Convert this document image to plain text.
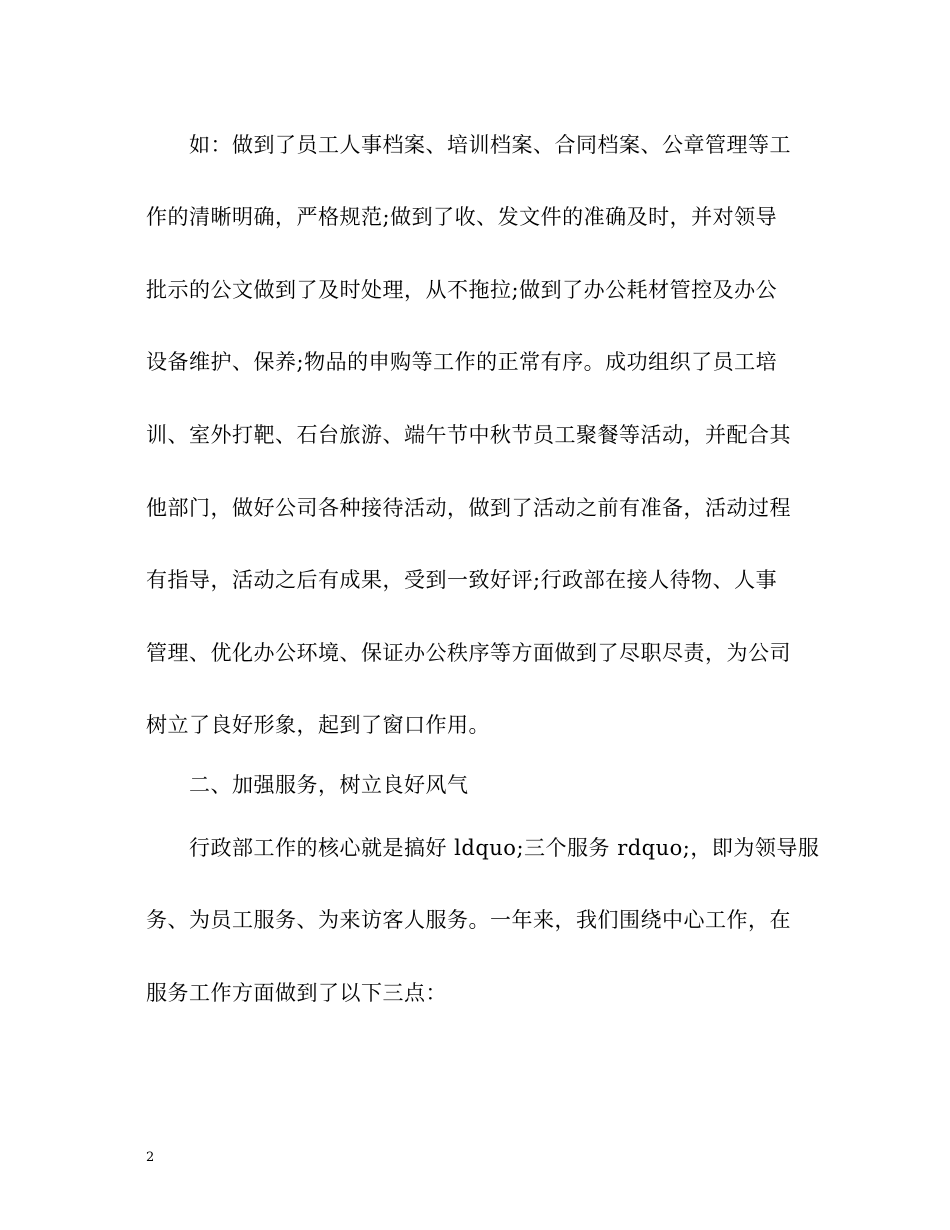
如：做到了员工人事档案、培训档案、合同档案、公章管理等工
作的清晰明确，严格规范;做到了收、发文件的准确及时，并对领导
批示的公文做到了及时处理，从不拖拉;做到了办公耗材管控及办公
设备维护、保养;物品的申购等工作的正常有序。成功组织了员工培
训、室外打靶、石台旅游、端午节中秋节员工聚餐等活动，并配合其
他部门，做好公司各种接待活动，做到了活动之前有准备，活动过程
有指导，活动之后有成果，受到一致好评;行政部在接人待物、人事
管理、优化办公环境、保证办公秩序等方面做到了尽职尽责，为公司
树立了良好形象，起到了窗口作用。
二、加强服务，树立良好风气
行政部工作的核心就是搞好 ldquo;三个服务 rdquo;，即为领导服
务、为员工服务、为来访客人服务。一年来，我们围绕中心工作，在
服务工作方面做到了以下三点：
2
